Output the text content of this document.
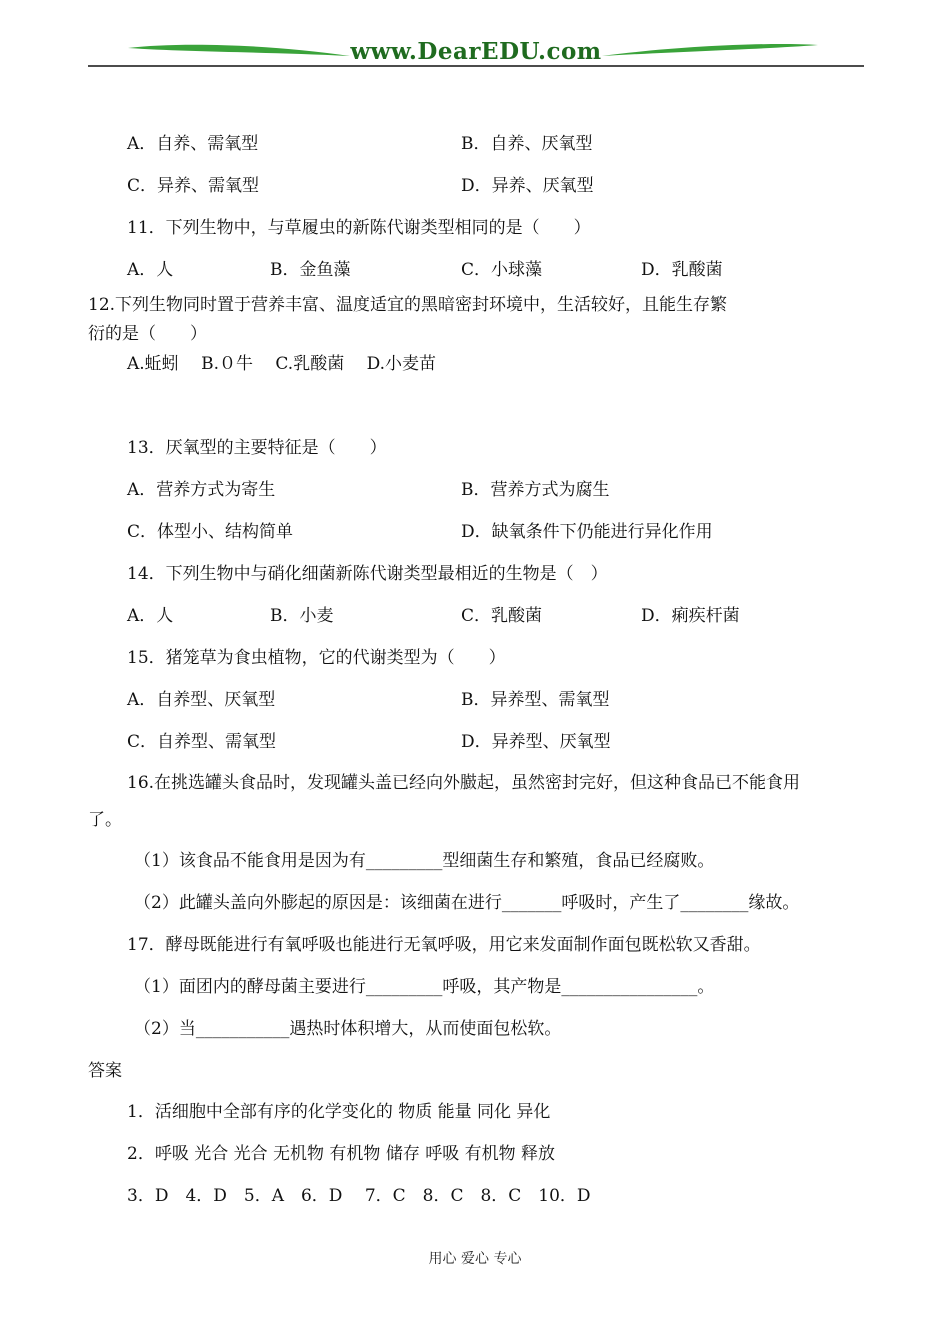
www.DearEDU.com
A．自养、需氧型	B．自养、厌氧型
C．异养、需氧型	D．异养、厌氧型
11．下列生物中，与草履虫的新陈代谢类型相同的是（　　）
A．人	B．金鱼藻	C．小球藻	D．乳酸菌
12.下列生物同时置于营养丰富、温度适宜的黑暗密封环境中，生活较好，且能生存繁
衍的是（　　）
A.蚯蚓　 B.０牛　 C.乳酸菌　 D.小麦苗
13．厌氧型的主要特征是（　　）
A．营养方式为寄生	B．营养方式为腐生
C．体型小、结构简单	D．缺氧条件下仍能进行异化作用
14．下列生物中与硝化细菌新陈代谢类型最相近的生物是（　）
A．人	B．小麦	C．乳酸菌	D．痢疾杆菌
15．猪笼草为食虫植物，它的代谢类型为（　　）
A．自养型、厌氧型	B．异养型、需氧型
C．自养型、需氧型	D．异养型、厌氧型
16.在挑选罐头食品时，发现罐头盖已经向外臌起，虽然密封完好，但这种食品已不能食用
了。
（1）该食品不能食用是因为有_________型细菌生存和繁殖，食品已经腐败。
（2）此罐头盖向外膨起的原因是：该细菌在进行_______呼吸时，产生了________缘故。
17．酵母既能进行有氧呼吸也能进行无氧呼吸，用它来发面制作面包既松软又香甜。
（1）面团内的酵母菌主要进行_________呼吸，其产物是________________。
（2）当___________遇热时体积增大，从而使面包松软。
答案
1．活细胞中全部有序的化学变化的 物质 能量 同化 异化
2．呼吸 光合 光合 无机物 有机物 储存 呼吸 有机物 释放
3．D　4．D　5．A　6．D　 7．C　8．C　8．C　10．D
用心 爱心 专心
